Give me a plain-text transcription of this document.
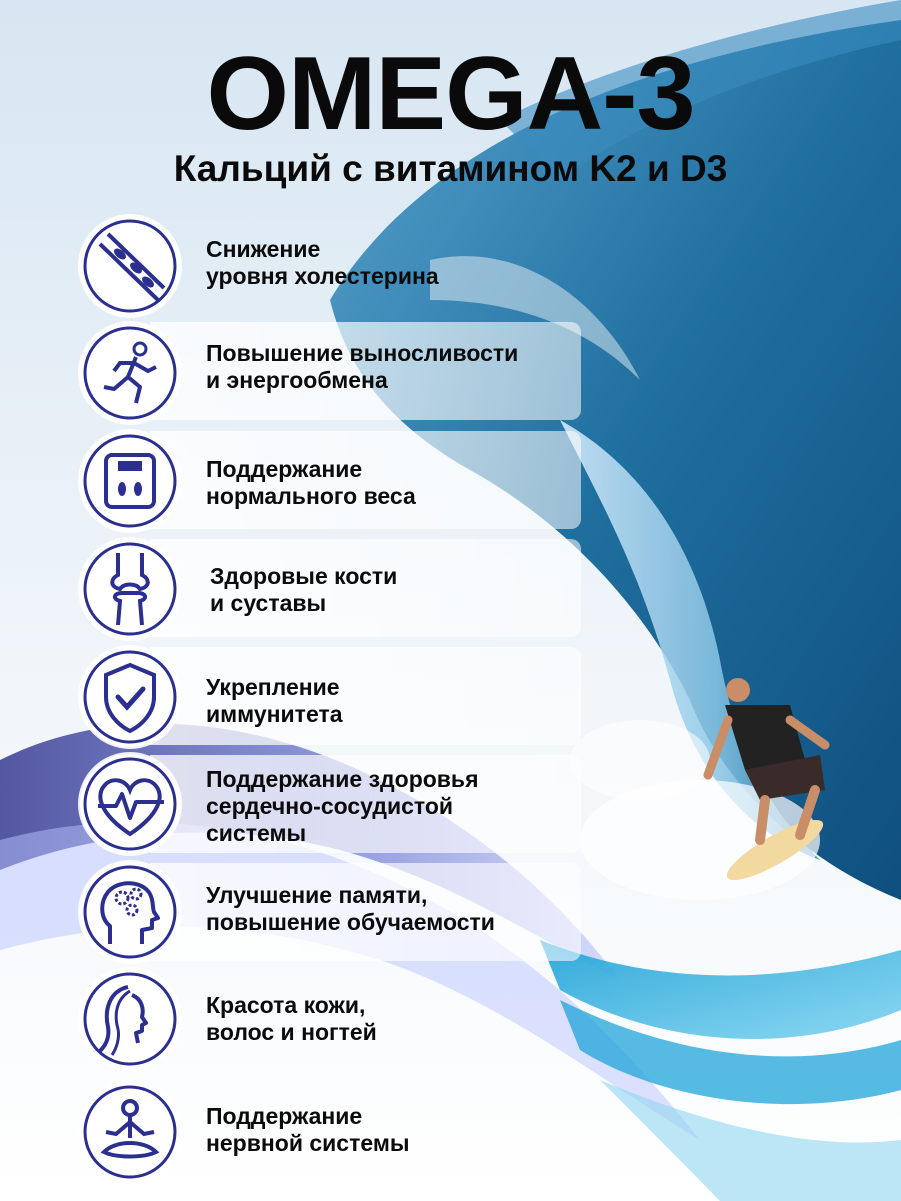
OMEGA-3
Кальций с витамином K2 и D3
Снижение
уровня холестерина
Повышение выносливости
и энергообмена
Поддержание
нормального веса
Здоровые кости
и суставы
Укрепление
иммунитета
Поддержание здоровья
сердечно-сосудистой
системы
Улучшение памяти,
повышение обучаемости
Красота кожи,
волос и ногтей
Поддержание
нервной системы
